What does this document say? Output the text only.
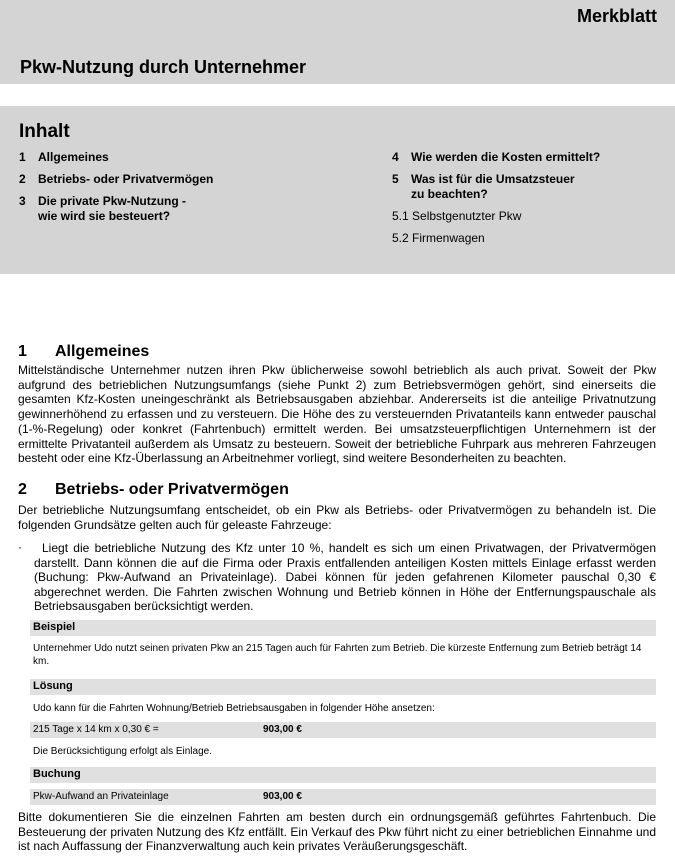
Merkblatt
Pkw-Nutzung durch Unternehmer
Inhalt
1 Allgemeines
2 Betriebs- oder Privatvermögen
3 Die private Pkw-Nutzung -
wie wird sie besteuert?
4 Wie werden die Kosten ermittelt?
5 Was ist für die Umsatzsteuer
zu beachten?
5.1 Selbstgenutzter Pkw
5.2 Firmenwagen
1 Allgemeines

Mittelständische Unternehmer nutzen ihren Pkw üblicherweise sowohl betrieblich als auch privat. Soweit der Pkw aufgrund des betrieblichen Nutzungsumfangs (siehe Punkt 2) zum Betriebsvermögen gehört, sind einerseits die gesamten Kfz-Kosten uneingeschränkt als Betriebsausgaben abziehbar. Andererseits ist die anteilige Privatnutzung gewinnerhöhend zu erfassen und zu versteuern. Die Höhe des zu versteuernden Privatanteils kann entweder pauschal (1-%-Regelung) oder konkret (Fahrtenbuch) ermittelt werden. Bei umsatzsteuerpflichtigen Unternehmern ist der ermittelte Privatanteil außerdem als Umsatz zu besteuern. Soweit der betriebliche Fuhrpark aus mehreren Fahrzeugen besteht oder eine Kfz-Überlassung an Arbeitnehmer vorliegt, sind weitere Besonderheiten zu beachten.

2 Betriebs- oder Privatvermögen

Der betriebliche Nutzungsumfang entscheidet, ob ein Pkw als Betriebs- oder Privatvermögen zu behandeln ist. Die folgenden Grundsätze gelten auch für geleaste Fahrzeuge:

·	Liegt die betriebliche Nutzung des Kfz unter 10 %, handelt es sich um einen Privatwagen, der Privatvermögen darstellt. Dann können die auf die Firma oder Praxis entfallenden anteiligen Kosten mittels Einlage erfasst werden (Buchung: Pkw-Aufwand an Privateinlage). Dabei können für jeden gefahrenen Kilometer pauschal 0,30 € abgerechnet werden. Die Fahrten zwischen Wohnung und Betrieb können in Höhe der Entfernungspauschale als Betriebsausgaben berücksichtigt werden.

Beispiel
Unternehmer Udo nutzt seinen privaten Pkw an 215 Tagen auch für Fahrten zum Betrieb. Die kürzeste Entfernung zum Betrieb beträgt 14 km.
Lösung
Udo kann für die Fahrten Wohnung/Betrieb Betriebsausgaben in folgender Höhe ansetzen:
215 Tage x 14 km x 0,30 € =	903,00 €
Die Berücksichtigung erfolgt als Einlage.
Buchung
Pkw-Aufwand an Privateinlage	903,00 €

Bitte dokumentieren Sie die einzelnen Fahrten am besten durch ein ordnungsgemäß geführtes Fahrtenbuch. Die Besteuerung der privaten Nutzung des Kfz entfällt. Ein Verkauf des Pkw führt nicht zu einer betrieblichen Einnahme und ist nach Auffassung der Finanzverwaltung auch kein privates Veräußerungsgeschäft.
